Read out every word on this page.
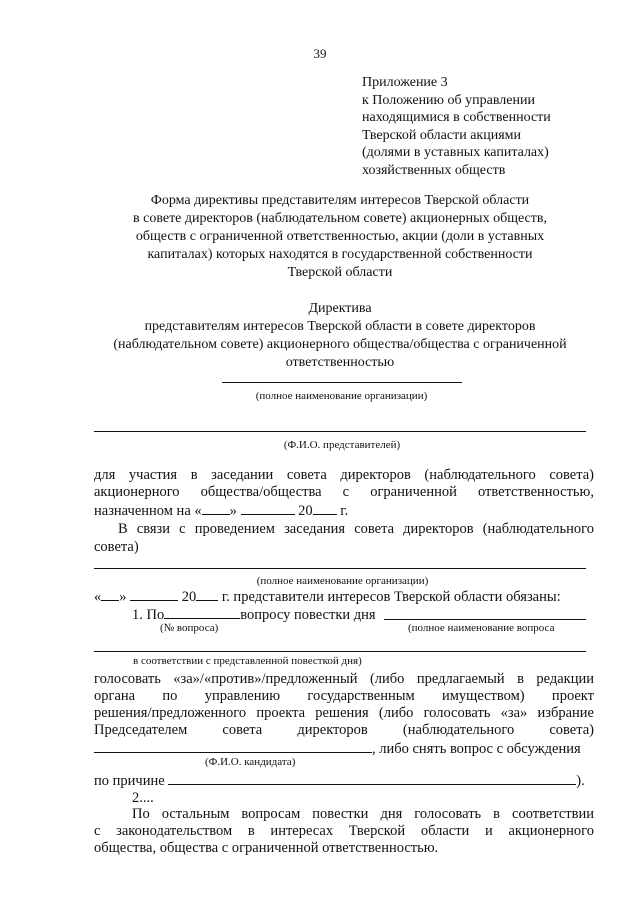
39
Приложение 3
к Положению об управлении
находящимися в собственности
Тверской области акциями
(долями в уставных капиталах)
хозяйственных обществ
Форма директивы представителям интересов Тверской области
в совете директоров (наблюдательном совете) акционерных обществ,
обществ с ограниченной ответственностью, акции (доли в уставных
капиталах) которых находятся в государственной собственности
Тверской области
Директива
представителям интересов Тверской области в совете директоров
(наблюдательном совете) акционерного общества/общества с ограниченной
ответственностью
(полное наименование организации)
(Ф.И.О. представителей)
для участия в заседании совета директоров (наблюдательного совета)
акционерного общества/общества с ограниченной ответственностью,
назначенном на « »	20 г.
В связи с проведением заседания совета директоров (наблюдательного
совета)
(полное наименование организации)
« »	20 г. представители интересов Тверской области обязаны:
1. По	вопросу повестки дня
(№ вопроса)	(полное наименование вопроса
в соответствии с представленной повесткой дня)
голосовать «за»/«против»/предложенный (либо предлагаемый в редакции
органа по управлению государственным имуществом) проект
решения/предложенного проекта решения (либо голосовать «за» избрание
Председателем совета директоров (наблюдательного совета)
, либо снять вопрос с обсуждения
(Ф.И.О. кандидата)
по причине	).
2....
По остальным вопросам повестки дня голосовать в соответствии
с законодательством в интересах Тверской области и акционерного
общества, общества с ограниченной ответственностью.
